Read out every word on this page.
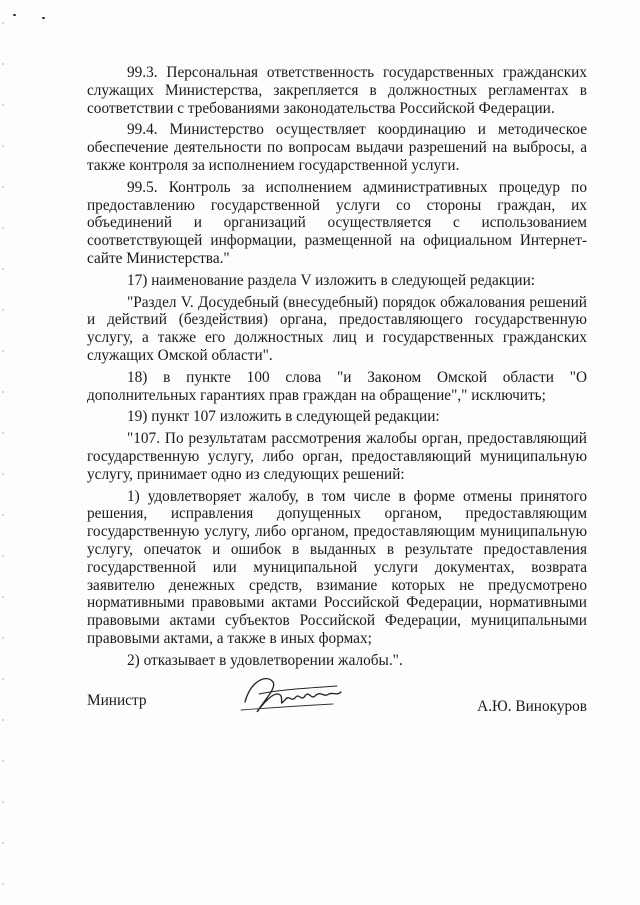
99.3. Персональная ответственность государственных гражданских служащих Министерства, закрепляется в должностных регламентах в соответствии с требованиями законодательства Российской Федерации.

99.4. Министерство осуществляет координацию и методическое обеспечение деятельности по вопросам выдачи разрешений на выбросы, а также контроля за исполнением государственной услуги.

99.5. Контроль за исполнением административных процедур по предоставлению государственной услуги со стороны граждан, их объединений и организаций осуществляется с использованием соответствующей информации, размещенной на официальном Интернет-сайте Министерства."

17) наименование раздела V изложить в следующей редакции:

"Раздел V. Досудебный (внесудебный) порядок обжалования решений и действий (бездействия) органа, предоставляющего государственную услугу, а также его должностных лиц и государственных гражданских служащих Омской области".

18) в пункте 100 слова "и Законом Омской области "О дополнительных гарантиях прав граждан на обращение"," исключить;

19) пункт 107 изложить в следующей редакции:

"107. По результатам рассмотрения жалобы орган, предоставляющий государственную услугу, либо орган, предоставляющий муниципальную услугу, принимает одно из следующих решений:

1) удовлетворяет жалобу, в том числе в форме отмены принятого решения, исправления допущенных органом, предоставляющим государственную услугу, либо органом, предоставляющим муниципальную услугу, опечаток и ошибок в выданных в результате предоставления государственной или муниципальной услуги документах, возврата заявителю денежных средств, взимание которых не предусмотрено нормативными правовыми актами Российской Федерации, нормативными правовыми актами субъектов Российской Федерации, муниципальными правовыми актами, а также в иных формах;

2) отказывает в удовлетворении жалобы.".

Министр	А.Ю. Винокуров
